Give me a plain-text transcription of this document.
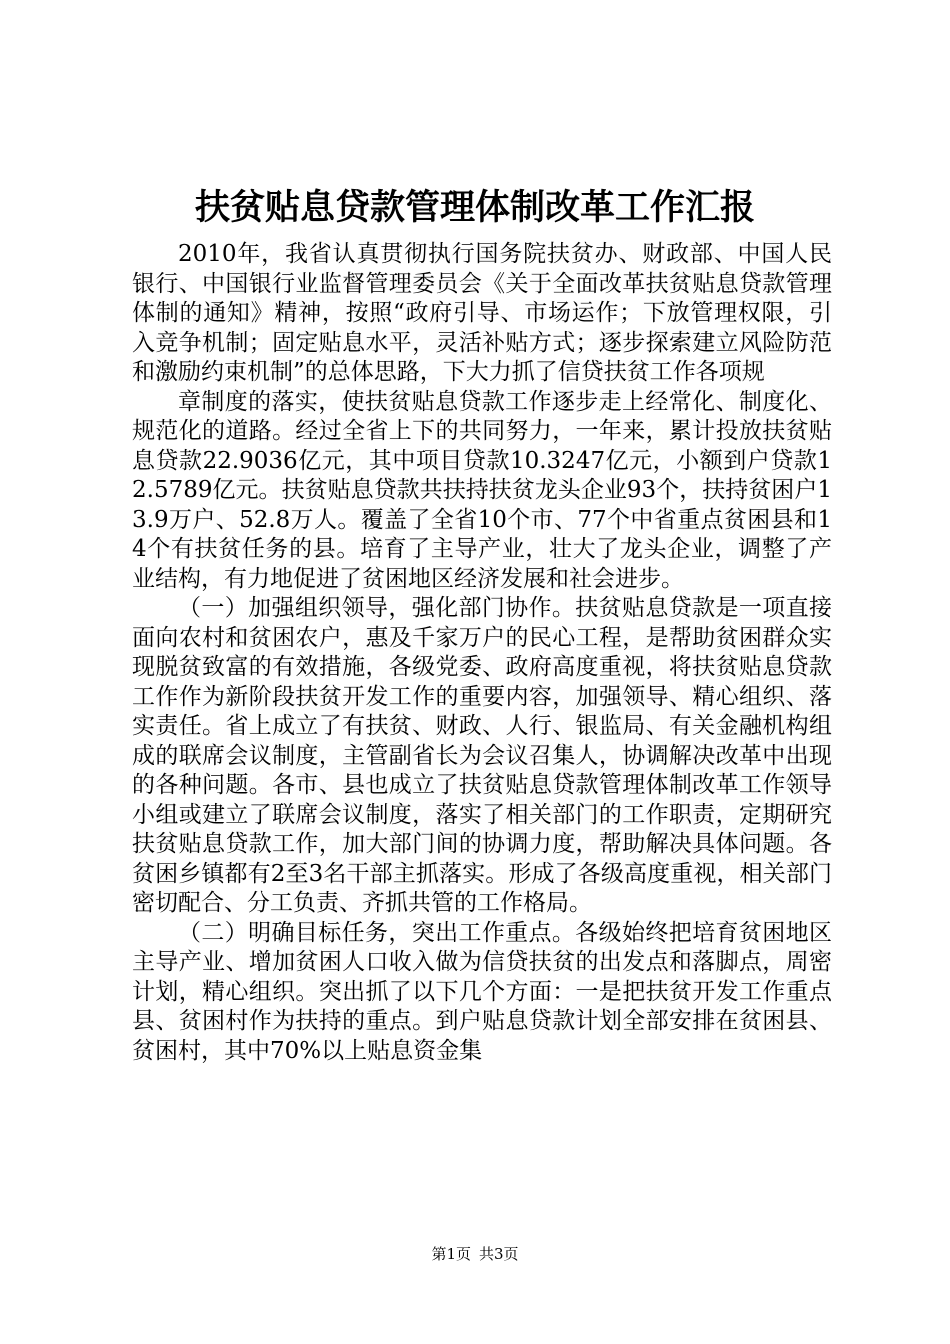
扶贫贴息贷款管理体制改革工作汇报

2010年，我省认真贯彻执行国务院扶贫办、财政部、中国人民银行、中国银行业监督管理委员会《关于全面改革扶贫贴息贷款管理体制的通知》精神，按照“政府引导、市场运作；下放管理权限，引入竞争机制；固定贴息水平，灵活补贴方式；逐步探索建立风险防范和激励约束机制”的总体思路，下大力抓了信贷扶贫工作各项规

章制度的落实，使扶贫贴息贷款工作逐步走上经常化、制度化、规范化的道路。经过全省上下的共同努力，一年来，累计投放扶贫贴息贷款22.9036亿元，其中项目贷款10.3247亿元，小额到户贷款12.5789亿元。扶贫贴息贷款共扶持扶贫龙头企业93个，扶持贫困户13.9万户、52.8万人。覆盖了全省10个市、77个中省重点贫困县和14个有扶贫任务的县。培育了主导产业，壮大了龙头企业，调整了产业结构，有力地促进了贫困地区经济发展和社会进步。

（一）加强组织领导，强化部门协作。扶贫贴息贷款是一项直接面向农村和贫困农户，惠及千家万户的民心工程，是帮助贫困群众实现脱贫致富的有效措施，各级党委、政府高度重视，将扶贫贴息贷款工作作为新阶段扶贫开发工作的重要内容，加强领导、精心组织、落实责任。省上成立了有扶贫、财政、人行、银监局、有关金融机构组成的联席会议制度，主管副省长为会议召集人，协调解决改革中出现的各种问题。各市、县也成立了扶贫贴息贷款管理体制改革工作领导小组或建立了联席会议制度，落实了相关部门的工作职责，定期研究扶贫贴息贷款工作，加大部门间的协调力度，帮助解决具体问题。各贫困乡镇都有2至3名干部主抓落实。形成了各级高度重视，相关部门密切配合、分工负责、齐抓共管的工作格局。

（二）明确目标任务，突出工作重点。各级始终把培育贫困地区主导产业、增加贫困人口收入做为信贷扶贫的出发点和落脚点，周密计划，精心组织。突出抓了以下几个方面：一是把扶贫开发工作重点县、贫困村作为扶持的重点。到户贴息贷款计划全部安排在贫困县、贫困村，其中70%以上贴息资金集

第1页 共3页
